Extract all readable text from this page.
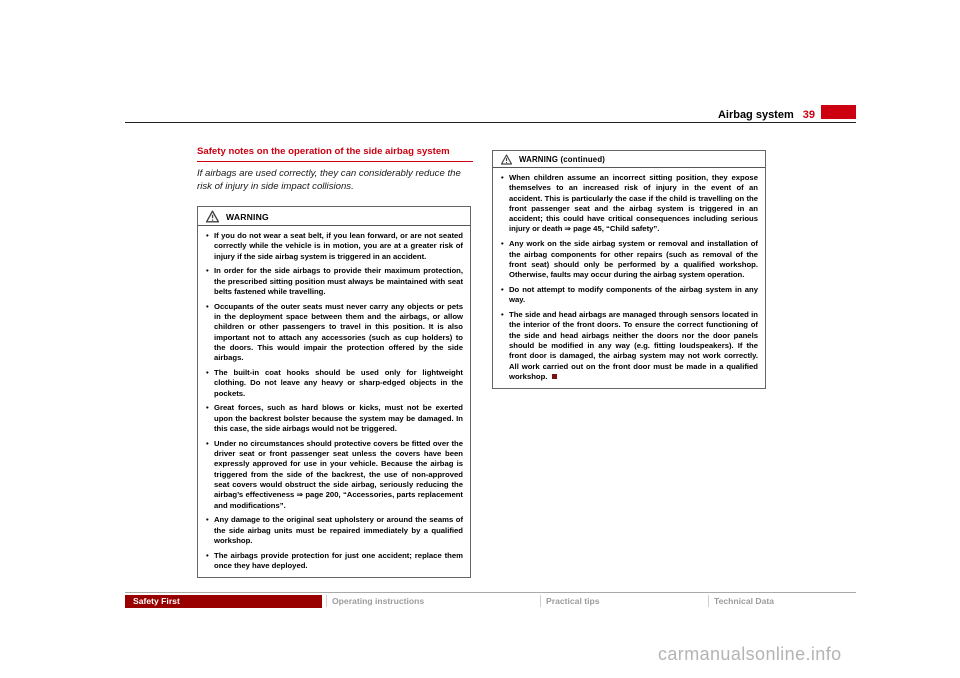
Airbag system 39
Safety notes on the operation of the side airbag system

If airbags are used correctly, they can considerably reduce the risk of injury in side impact collisions.

WARNING
• If you do not wear a seat belt, if you lean forward, or are not seated correctly while the vehicle is in motion, you are at a greater risk of injury if the side airbag system is triggered in an accident.
• In order for the side airbags to provide their maximum protection, the prescribed sitting position must always be maintained with seat belts fastened while travelling.
• Occupants of the outer seats must never carry any objects or pets in the deployment space between them and the airbags, or allow children or other passengers to travel in this position. It is also important not to attach any accessories (such as cup holders) to the doors. This would impair the protection offered by the side airbags.
• The built-in coat hooks should be used only for lightweight clothing. Do not leave any heavy or sharp-edged objects in the pockets.
• Great forces, such as hard blows or kicks, must not be exerted upon the backrest bolster because the system may be damaged. In this case, the side airbags would not be triggered.
• Under no circumstances should protective covers be fitted over the driver seat or front passenger seat unless the covers have been expressly approved for use in your vehicle. Because the airbag is triggered from the side of the backrest, the use of non-approved seat covers would obstruct the side airbag, seriously reducing the airbag’s effectiveness ⇒ page 200, “Accessories, parts replacement and modifications”.
• Any damage to the original seat upholstery or around the seams of the side airbag units must be repaired immediately by a qualified workshop.
• The airbags provide protection for just one accident; replace them once they have deployed.
WARNING (continued)
• When children assume an incorrect sitting position, they expose themselves to an increased risk of injury in the event of an accident. This is particularly the case if the child is travelling on the front passenger seat and the airbag system is triggered in an accident; this could have critical consequences including serious injury or death ⇒ page 45, “Child safety”.
• Any work on the side airbag system or removal and installation of the airbag components for other repairs (such as removal of the front seat) should only be performed by a qualified workshop. Otherwise, faults may occur during the airbag system operation.
• Do not attempt to modify components of the airbag system in any way.
• The side and head airbags are managed through sensors located in the interior of the front doors. To ensure the correct functioning of the side and head airbags neither the doors nor the door panels should be modified in any way (e.g. fitting loudspeakers). If the front door is damaged, the airbag system may not work correctly. All work carried out on the front door must be made in a qualified workshop.
Safety First	Operating instructions	Practical tips	Technical Data
carmanualsonline.info
